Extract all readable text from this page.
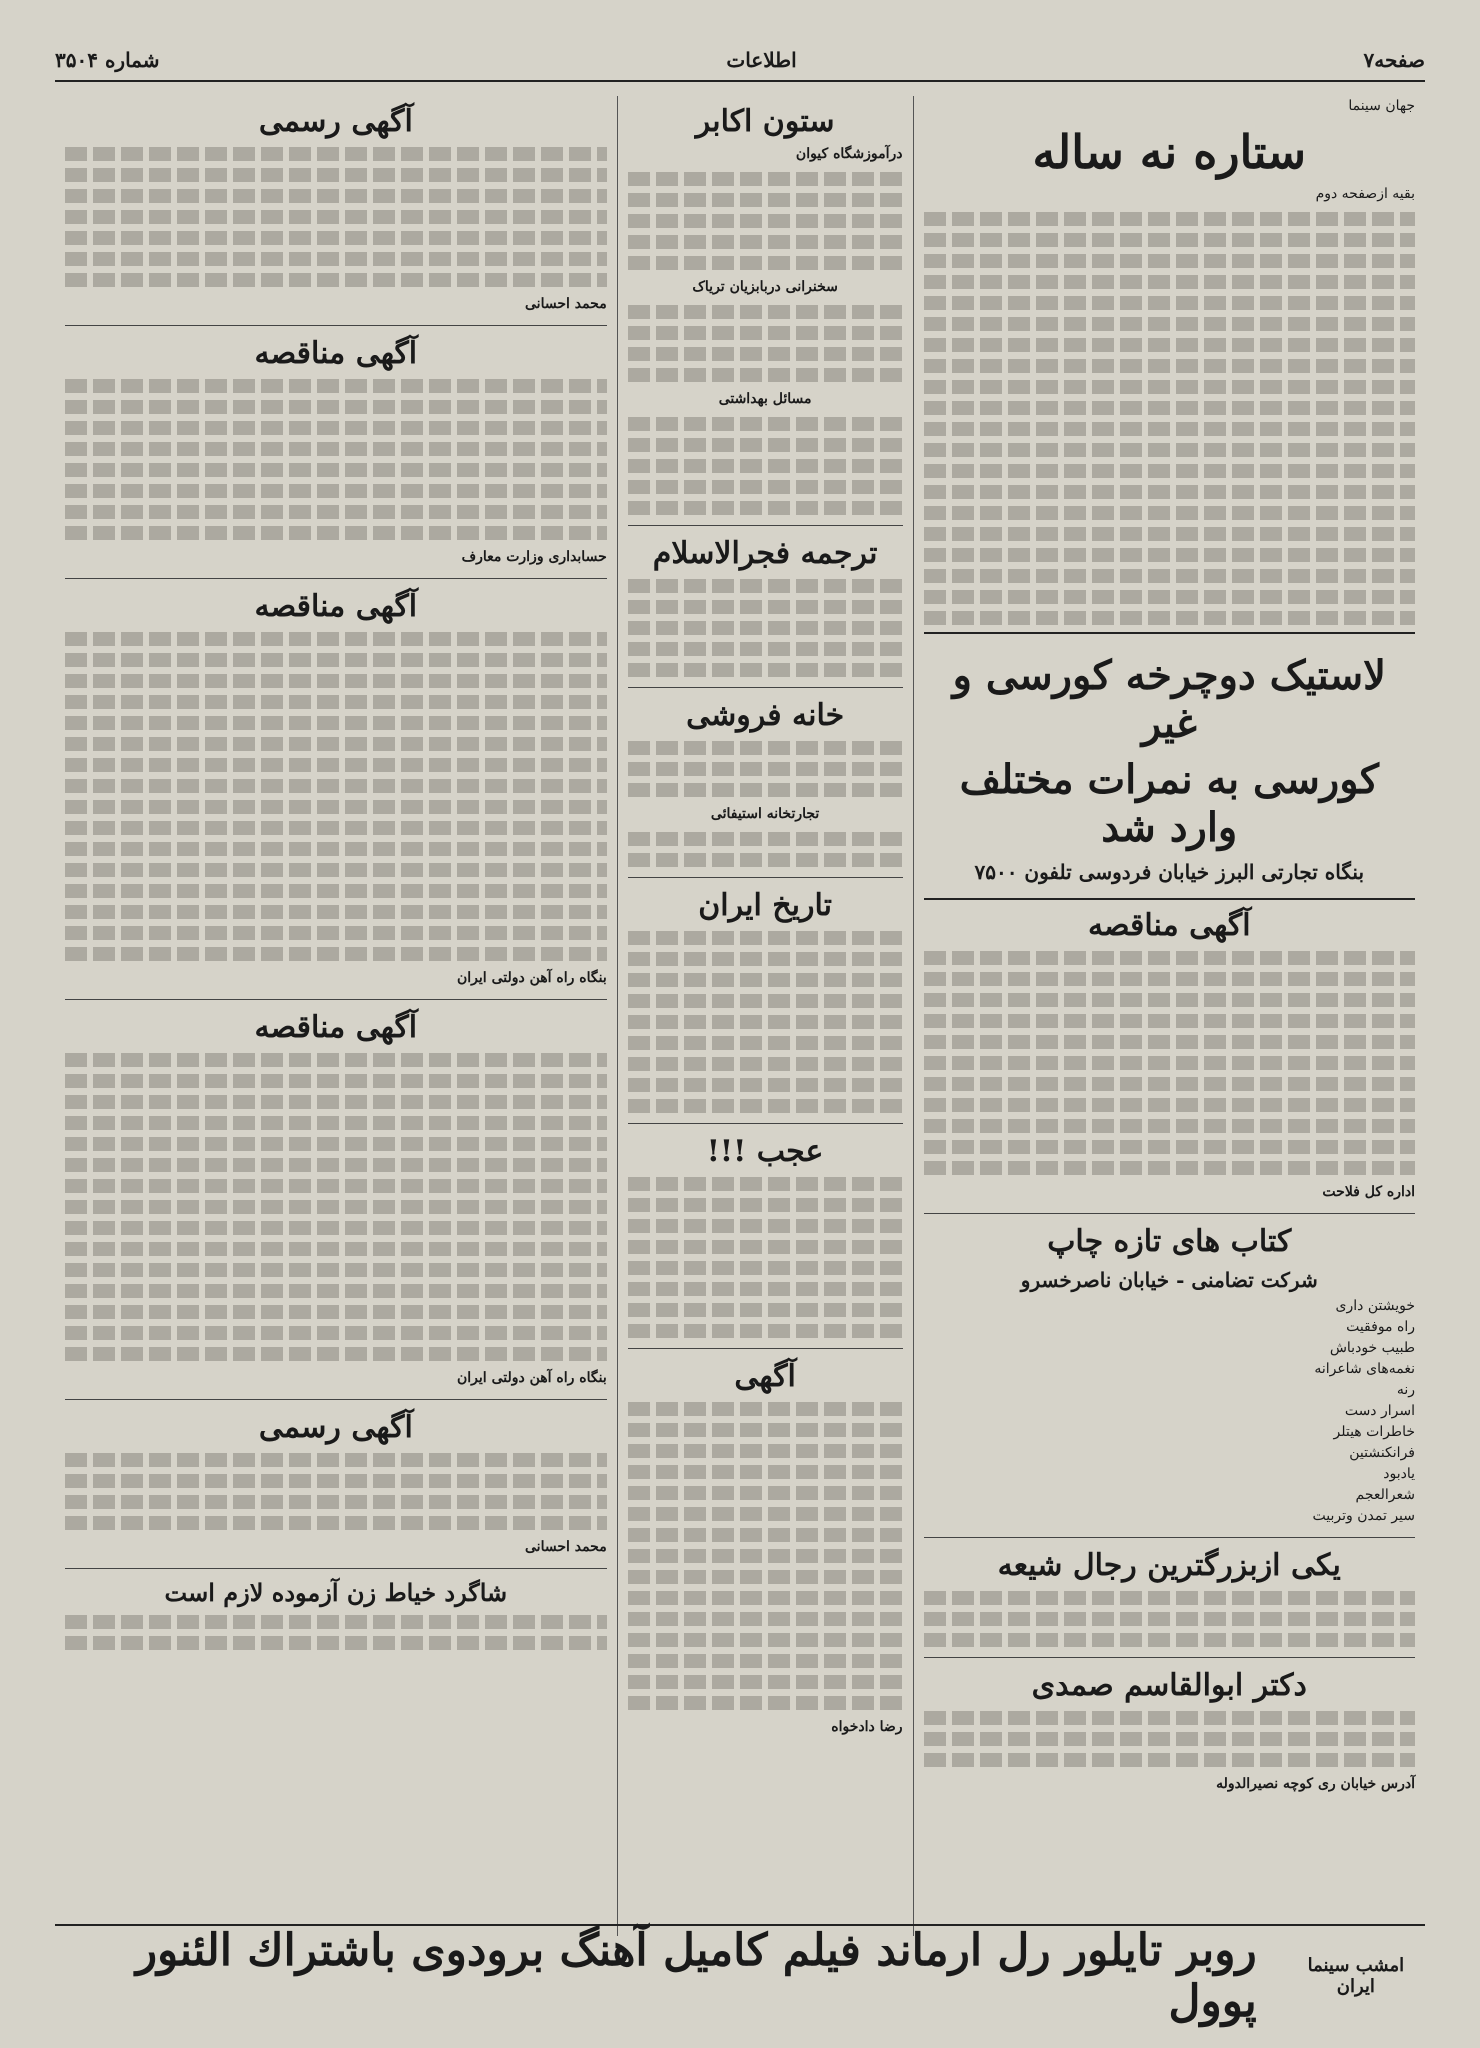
صفحه۷
اطلاعات
شماره ۳۵۰۴
جهان سینما
ستاره نه ساله
بقیه ازصفحه دوم
لاستیک دوچرخه کورسی و غیر
کورسی به نمرات مختلف وارد شد
بنگاه تجارتی البرز خیابان فردوسی تلفون ۷۵۰۰
آگهی مناقصه
اداره کل فلاحت
کتاب های تازه چاپ
شرکت تضامنی - خیابان ناصرخسرو
خویشتن داری
راه موفقیت
طبیب خودباش
نغمه‌های شاعرانه
رنه
اسرار دست
خاطرات هیتلر
فرانکنشتین
یادبود
شعرالعجم
سیر تمدن وتربیت
یکی ازبزرگترین رجال شیعه
دکتر ابوالقاسم صمدی
آدرس خیابان ری کوچه نصیرالدوله
ستون اکابر
درآموزشگاه کیوان
سخنرانی دربابزیان تریاک
مسائل بهداشتی
ترجمه فجرالاسلام
خانه فروشی
تجارتخانه استیفائی
تاریخ ایران
عجب !!!
آگهی
رضا دادخواه
آگهی رسمی
محمد احسانی
آگهی مناقصه
حسابداری وزارت معارف
آگهی مناقصه
بنگاه راه آهن دولتی ایران
آگهی مناقصه
بنگاه راه آهن دولتی ایران
آگهی رسمی
محمد احسانی
شاگرد خیاط زن آزموده لازم است
امشب سینما ایران
روبر تایلور رل ارماند فیلم کامیل آهنگ برودوی باشتراك الئنور پوول
